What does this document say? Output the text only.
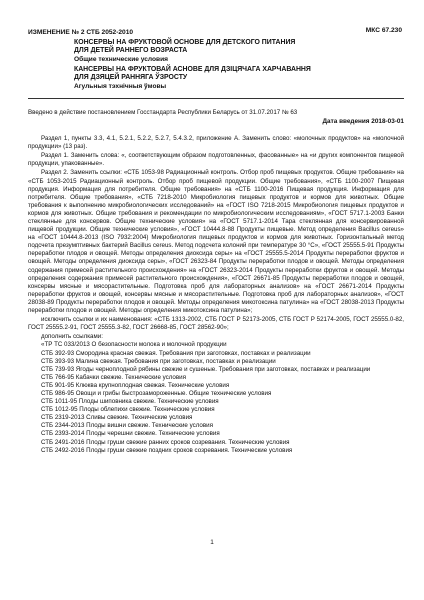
МКС 67.230
ИЗМЕНЕНИЕ № 2 СТБ 2052-2010
КОНСЕРВЫ НА ФРУКТОВОЙ ОСНОВЕ ДЛЯ ДЕТСКОГО ПИТАНИЯ
ДЛЯ ДЕТЕЙ РАННЕГО ВОЗРАСТА
Общие технические условия
КАНСЕРВЫ НА ФРУКТОВАЙ АСНОВЕ ДЛЯ ДЗІЦЯЧАГА ХАРЧАВАННЯ
ДЛЯ ДЗЯЦЕЙ РАННЯГА ЎЗРОСТУ
Агульныя тэхнічныя ўмовы
Введено в действие постановлением Госстандарта Республики Беларусь от 31.07.2017 № 63
Дата введения 2018-03-01

Раздел 1, пункты 3.3, 4.1, 5.2.1, 5.2.2, 5.2.7, 5.4.3.2, приложение А. Заменить слово: «молочных продуктов» на «молочной продукции» (13 раз).

Раздел 1. Заменить слова: «, соответствующим образом подготовленных, фасованные» на «и других компонентов пищевой продукции, упакованные».

Раздел 2. Заменить ссылки: «СТБ 1053-98 Радиационный контроль. Отбор проб пищевых продуктов. Общие требования» на «СТБ 1053-2015 Радиационный контроль. Отбор проб пищевой продукции. Общие требования», «СТБ 1100-2007 Пищевая продукция. Информация для потребителя. Общие требования» на «СТБ 1100-2016 Пищевая продукция. Информация для потребителя. Общие требования», «СТБ 7218-2010 Микробиология пищевых продуктов и кормов для животных. Общие требования к выполнению микробиологических исследований» на «ГОСТ ISO 7218-2015 Микробиология пищевых продуктов и кормов для животных. Общие требования и рекомендации по микробиологическим исследованиям», «ГОСТ 5717.1-2003 Банки стеклянные для консервов. Общие технические условия» на «ГОСТ 5717.1-2014 Тара стеклянная для консервированной пищевой продукции. Общие технические условия», «ГОСТ 10444.8-88 Продукты пищевые. Метод определения Bacillus cereus» на «ГОСТ 10444.8-2013 (ISO 7932:2004) Микробиология пищевых продуктов и кормов для животных. Горизонтальный метод подсчета презумптивных бактерий Bacillus cereus. Метод подсчета колоний при температуре 30 °С», «ГОСТ 25555.5-91 Продукты переработки плодов и овощей. Методы определения диоксида серы» на «ГОСТ 25555.5-2014 Продукты переработки фруктов и овощей. Методы определения диоксида серы», «ГОСТ 26323-84 Продукты переработки плодов и овощей. Методы определения содержания примесей растительного происхождения» на «ГОСТ 26323-2014 Продукты переработки фруктов и овощей. Методы определения содержания примесей растительного происхождения», «ГОСТ 26671-85 Продукты переработки плодов и овощей, консервы мясные и мясорастительные. Подготовка проб для лабораторных анализов» на «ГОСТ 26671-2014 Продукты переработки фруктов и овощей, консервы мясные и мясорастительные. Подготовка проб для лабораторных анализов», «ГОСТ 28038-89 Продукты переработки плодов и овощей. Методы определения микотоксина патулина» на «ГОСТ 28038-2013 Продукты переработки плодов и овощей. Методы определения микотоксина патулина»;

исключить ссылки и их наименования: «СТБ 1313-2002, СТБ ГОСТ Р 52173-2005, СТБ ГОСТ Р 52174-2005, ГОСТ 25555.0-82, ГОСТ 25555.2-91, ГОСТ 25555.3-82, ГОСТ 26668-85, ГОСТ 28562-90»;

дополнить ссылками:

«ТР ТС 033/2013 О безопасности молока и молочной продукции
СТБ 392-93 Смородина красная свежая. Требования при заготовках, поставках и реализации
СТБ 393-93 Малина свежая. Требования при заготовках, поставках и реализации
СТБ 739-93 Ягоды черноплодной рябины свежие и сушеные. Требования при заготовках, поставках и реализации
СТБ 766-95 Кабачки свежие. Технические условия
СТБ 901-95 Клюква крупноплодная свежая. Технические условия
СТБ 986-95 Овощи и грибы быстрозамороженные. Общие технические условия
СТБ 1011-95 Плоды шиповника свежие. Технические условия
СТБ 1012-95 Плоды облепихи свежие. Технические условия
СТБ 2319-2013 Сливы свежие. Технические условия
СТБ 2344-2013 Плоды вишни свежие. Технические условия
СТБ 2393-2014 Плоды черешни свежие. Технические условия
СТБ 2491-2016 Плоды груши свежие ранних сроков созревания. Технические условия
СТБ 2492-2016 Плоды груши свежие поздних сроков созревания. Технические условия
1
